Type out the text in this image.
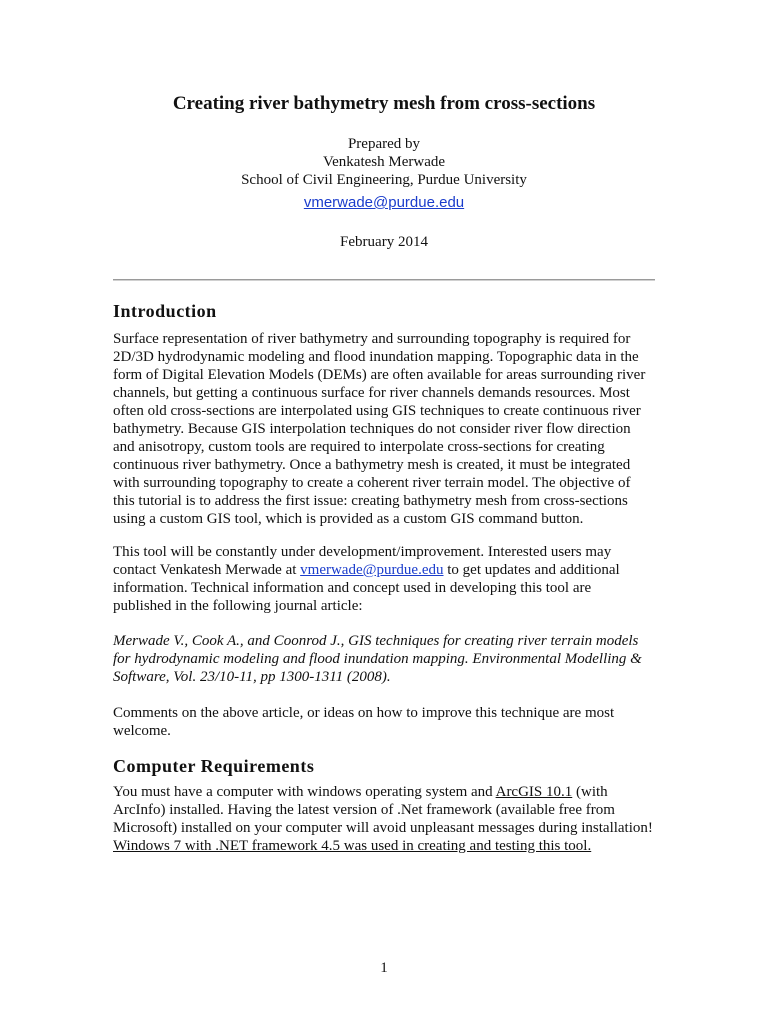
Creating river bathymetry mesh from cross-sections
Prepared by
Venkatesh Merwade
School of Civil Engineering, Purdue University
vmerwade@purdue.edu
February 2014
Introduction
Surface representation of river bathymetry and surrounding topography is required for
2D/3D hydrodynamic modeling and flood inundation mapping. Topographic data in the
form of Digital Elevation Models (DEMs) are often available for areas surrounding river
channels, but getting a continuous surface for river channels demands resources. Most
often old cross-sections are interpolated using GIS techniques to create continuous river
bathymetry. Because GIS interpolation techniques do not consider river flow direction
and anisotropy, custom tools are required to interpolate cross-sections for creating
continuous river bathymetry. Once a bathymetry mesh is created, it must be integrated
with surrounding topography to create a coherent river terrain model. The objective of
this tutorial is to address the first issue: creating bathymetry mesh from cross-sections
using a custom GIS tool, which is provided as a custom GIS command button.
This tool will be constantly under development/improvement. Interested users may
contact Venkatesh Merwade at vmerwade@purdue.edu to get updates and additional
information. Technical information and concept used in developing this tool are
published in the following journal article:
Merwade V., Cook A., and Coonrod J., GIS techniques for creating river terrain models
for hydrodynamic modeling and flood inundation mapping. Environmental Modelling &
Software, Vol. 23/10-11, pp 1300-1311 (2008).
Comments on the above article, or ideas on how to improve this technique are most
welcome.
Computer Requirements
You must have a computer with windows operating system and ArcGIS 10.1 (with
ArcInfo) installed. Having the latest version of .Net framework (available free from
Microsoft) installed on your computer will avoid unpleasant messages during installation!
Windows 7 with .NET framework 4.5 was used in creating and testing this tool.
1
